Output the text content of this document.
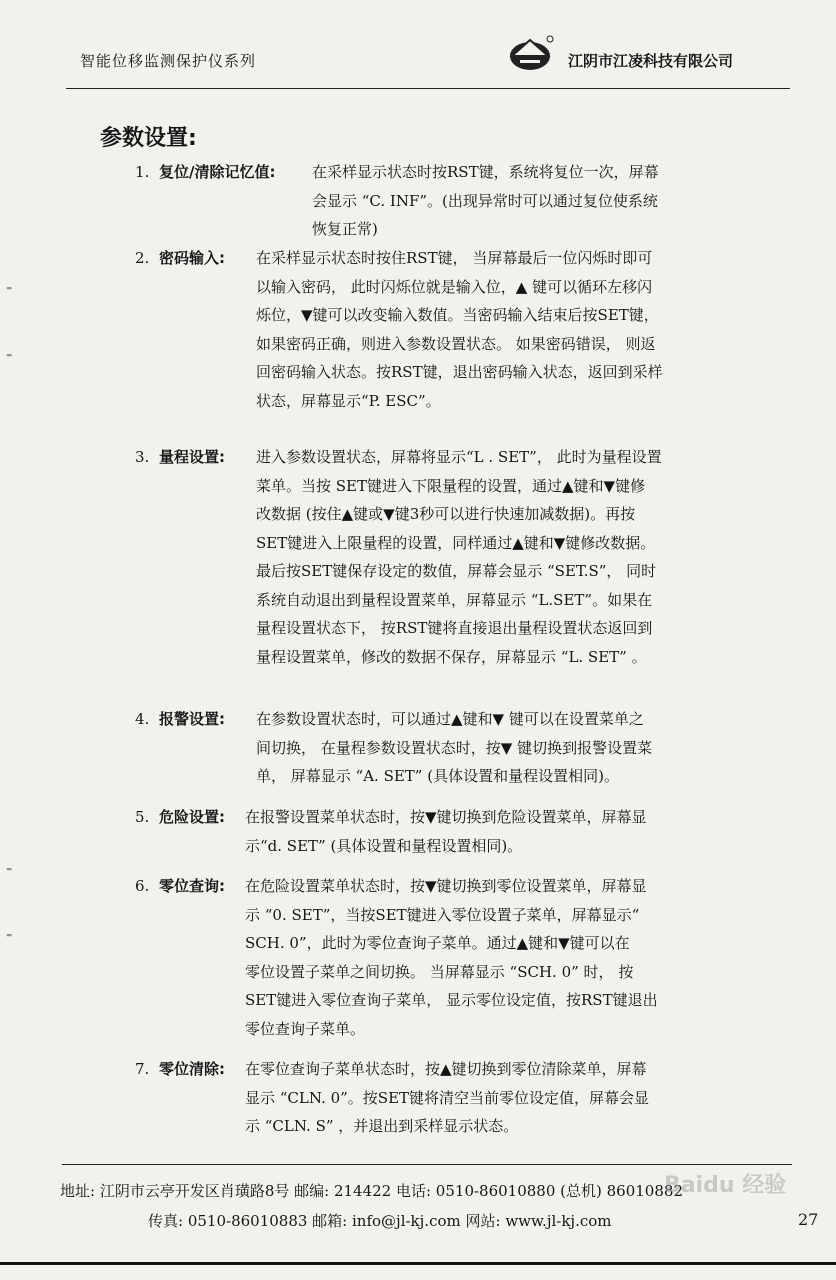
智能位移监测保护仪系列	江阴市江凌科技有限公司
参数设置:
1. 复位/清除记忆值: 在采样显示状态时按RST键，系统将复位一次，屏幕
会显示 “C. INF”。(出现异常时可以通过复位使系统
恢复正常)
2. 密码输入: 在采样显示状态时按住RST键， 当屏幕最后一位闪烁时即可
以输入密码， 此时闪烁位就是输入位，▲ 键可以循环左移闪
烁位，▼键可以改变输入数值。当密码输入结束后按SET键，
如果密码正确，则进入参数设置状态。 如果密码错误， 则返
回密码输入状态。按RST键，退出密码输入状态，返回到采样
状态，屏幕显示“P. ESC”。
3. 量程设置: 进入参数设置状态，屏幕将显示“L . SET”， 此时为量程设置
菜单。当按 SET键进入下限量程的设置，通过▲键和▼键修
改数据 (按住▲键或▼键3秒可以进行快速加减数据)。再按
SET键进入上限量程的设置，同样通过▲键和▼键修改数据。
最后按SET键保存设定的数值，屏幕会显示 “SET.S”， 同时
系统自动退出到量程设置菜单，屏幕显示 “L.SET”。如果在
量程设置状态下， 按RST键将直接退出量程设置状态返回到
量程设置菜单，修改的数据不保存，屏幕显示 “L. SET” 。
4. 报警设置: 在参数设置状态时，可以通过▲键和▼ 键可以在设置菜单之
间切换， 在量程参数设置状态时，按▼ 键切换到报警设置菜
单， 屏幕显示 “A. SET” (具体设置和量程设置相同)。
5. 危险设置: 在报警设置菜单状态时，按▼键切换到危险设置菜单，屏幕显
示“d. SET” (具体设置和量程设置相同)。
6. 零位查询: 在危险设置菜单状态时，按▼键切换到零位设置菜单，屏幕显
示 “0. SET”，当按SET键进入零位设置子菜单，屏幕显示“
SCH. 0”，此时为零位查询子菜单。通过▲键和▼键可以在
零位设置子菜单之间切换。 当屏幕显示 “SCH. 0” 时， 按
SET键进入零位查询子菜单， 显示零位设定值，按RST键退出
零位查询子菜单。
7. 零位清除: 在零位查询子菜单状态时，按▲键切换到零位清除菜单，屏幕
显示 “CLN. 0”。按SET键将清空当前零位设定值，屏幕会显
示 “CLN. S” ，并退出到采样显示状态。
地址: 江阴市云亭开发区肖璜路8号 邮编: 214422 电话: 0510-86010880 (总机) 86010882
传真: 0510-86010883 邮箱: info@jl-kj.com 网站: www.jl-kj.com	27
Baidu 经验
⁼
⁼
⁼
⁼
